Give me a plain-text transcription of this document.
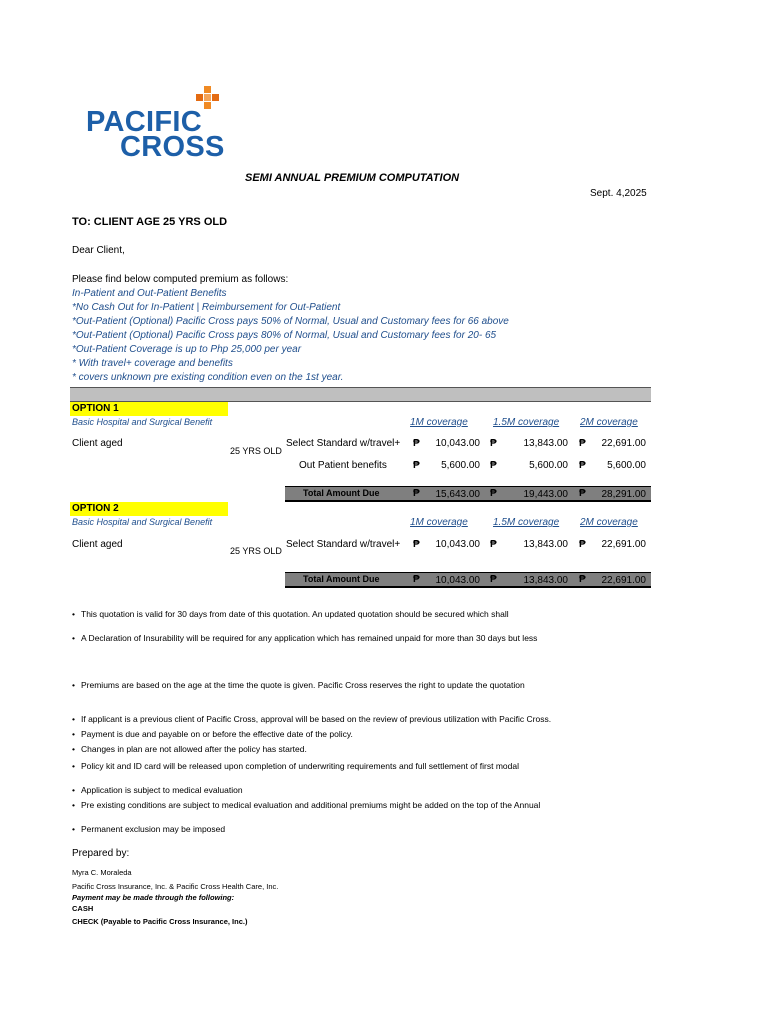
PACIFIC
CROSS
SEMI ANNUAL PREMIUM COMPUTATION
Sept. 4,2025
TO: CLIENT AGE 25 YRS OLD
Dear Client,
Please find below computed premium as follows:
In-Patient and Out-Patient Benefits
*No Cash Out for In-Patient | Reimbursement for Out-Patient
*Out-Patient (Optional) Pacific Cross pays 50% of Normal, Usual and Customary fees for 66 above
*Out-Patient (Optional) Pacific Cross pays 80% of Normal, Usual and Customary fees for 20- 65
*Out-Patient Coverage is up to Php 25,000 per year
* With travel+ coverage and benefits
* covers unknown pre existing condition even on the 1st year.
OPTION 1
Basic Hospital and Surgical Benefit	1M coverage	1.5M coverage 2M coverage
Client aged
25 YRS OLD
Select Standard w/travel+ ₱	10,043.00 ₱	13,843.00 ₱	22,691.00
Out Patient benefits	₱	5,600.00 ₱	5,600.00 ₱	5,600.00
Total Amount Due	₱	15,643.00 ₱	19,443.00 ₱	28,291.00
OPTION 2
Basic Hospital and Surgical Benefit	1M coverage	1.5M coverage 2M coverage
Client aged
25 YRS OLD
Select Standard w/travel+ ₱	10,043.00 ₱	13,843.00 ₱	22,691.00
Total Amount Due	₱	10,043.00 ₱	13,843.00 ₱	22,691.00
• This quotation is valid for 30 days from date of this quotation. An updated quotation should be secured which shall
• A Declaration of Insurability will be required for any application which has remained unpaid for more than 30 days but less
• Premiums are based on the age at the time the quote is given. Pacific Cross reserves the right to update the quotation
• If applicant is a previous client of Pacific Cross, approval will be based on the review of previous utilization with Pacific Cross.
• Payment is due and payable on or before the effective date of the policy.
• Changes in plan are not allowed after the policy has started.
• Policy kit and ID card will be released upon completion of underwriting requirements and full settlement of first modal
• Application is subject to medical evaluation
• Pre existing conditions are subject to medical evaluation and additional premiums might be added on the top of the Annual
• Permanent exclusion may be imposed
Prepared by:
Myra C. Moraleda
Pacific Cross Insurance, Inc. & Pacific Cross Health Care, Inc.
Payment may be made through the following:
CASH
CHECK (Payable to Pacific Cross Insurance, Inc.)
